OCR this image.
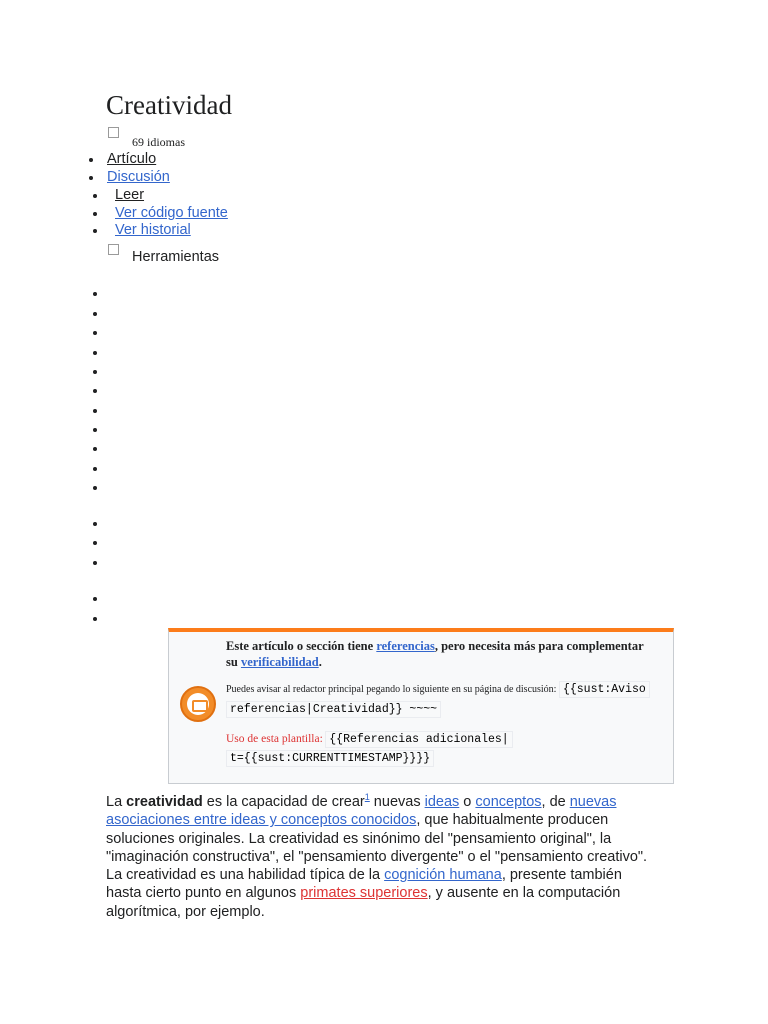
Creatividad
69 idiomas
Artículo
Discusión
Leer
Ver código fuente
Ver historial
Herramientas
Este artículo o sección tiene referencias, pero necesita más para complementar su verificabilidad.
Puedes avisar al redactor principal pegando lo siguiente en su página de discusión: {{sust:Aviso
referencias|Creatividad}} ~~~~
Uso de esta plantilla: {{Referencias adicionales|
t={{sust:CURRENTTIMESTAMP}}}}

La creatividad es la capacidad de crear$^1$ nuevas ideas o conceptos, de nuevas asociaciones entre ideas y conceptos conocidos, que habitualmente producen soluciones originales. La creatividad es sinónimo del "pensamiento original", la "imaginación constructiva", el "pensamiento divergente" o el "pensamiento creativo". La creatividad es una habilidad típica de la cognición humana, presente también hasta cierto punto en algunos primates superiores, y ausente en la computación algorítmica, por ejemplo.
